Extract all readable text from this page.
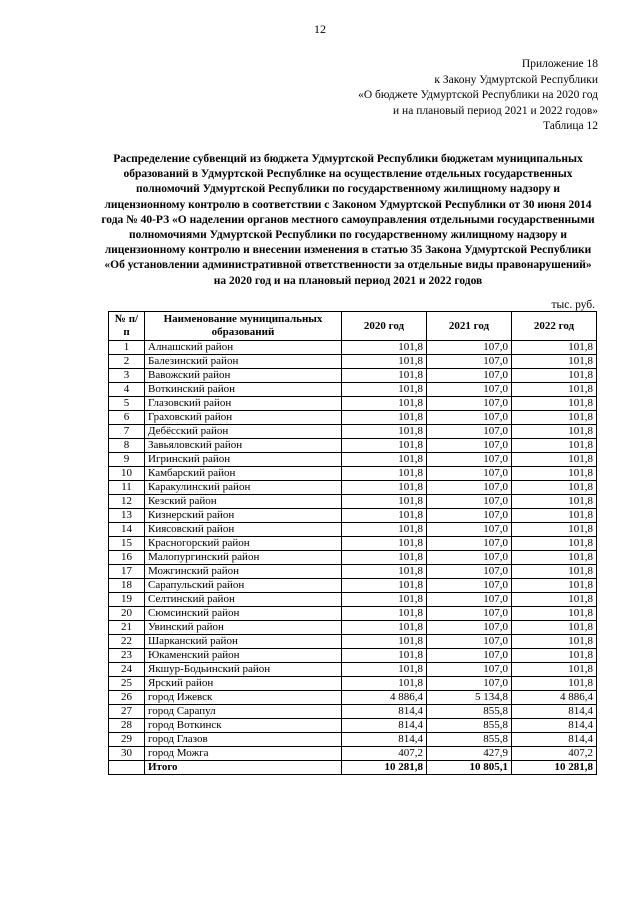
12
Приложение 18
к Закону Удмуртской Республики
«О бюджете Удмуртской Республики на 2020 год
и на плановый период 2021 и 2022 годов»
Таблица 12
Распределение субвенций из бюджета Удмуртской Республики бюджетам муниципальных образований в Удмуртской Республике на осуществление отдельных государственных полномочий Удмуртской Республики по государственному жилищному надзору и лицензионному контролю в соответствии с Законом Удмуртской Республики от 30 июня 2014 года № 40-РЗ «О наделении органов местного самоуправления отдельными государственными полномочиями Удмуртской Республики по государственному жилищному надзору и лицензионному контролю и внесении изменения в статью 35 Закона Удмуртской Республики «Об установлении административной ответственности за отдельные виды правонарушений» на 2020 год и на плановый период 2021 и 2022 годов
тыс. руб.
№ п/п	Наименование муниципальных образований	2020 год	2021 год	2022 год
1	Алнашский район	101,8	107,0	101,8
2	Балезинский район	101,8	107,0	101,8
3	Вавожский район	101,8	107,0	101,8
4	Воткинский район	101,8	107,0	101,8
5	Глазовский район	101,8	107,0	101,8
6	Граховский район	101,8	107,0	101,8
7	Дебёсский район	101,8	107,0	101,8
8	Завьяловский район	101,8	107,0	101,8
9	Игринский район	101,8	107,0	101,8
10	Камбарский район	101,8	107,0	101,8
11	Каракулинский район	101,8	107,0	101,8
12	Кезский район	101,8	107,0	101,8
13	Кизнерский район	101,8	107,0	101,8
14	Киясовский район	101,8	107,0	101,8
15	Красногорский район	101,8	107,0	101,8
16	Малопургинский район	101,8	107,0	101,8
17	Можгинский район	101,8	107,0	101,8
18	Сарапульский район	101,8	107,0	101,8
19	Селтинский район	101,8	107,0	101,8
20	Сюмсинский район	101,8	107,0	101,8
21	Увинский район	101,8	107,0	101,8
22	Шарканский район	101,8	107,0	101,8
23	Юкаменский район	101,8	107,0	101,8
24	Якшур-Бодьинский район	101,8	107,0	101,8
25	Ярский район	101,8	107,0	101,8
26	город Ижевск	4 886,4	5 134,8	4 886,4
27	город Сарапул	814,4	855,8	814,4
28	город Воткинск	814,4	855,8	814,4
29	город Глазов	814,4	855,8	814,4
30	город Можга	407,2	427,9	407,2
	Итого	10 281,8	10 805,1	10 281,8
